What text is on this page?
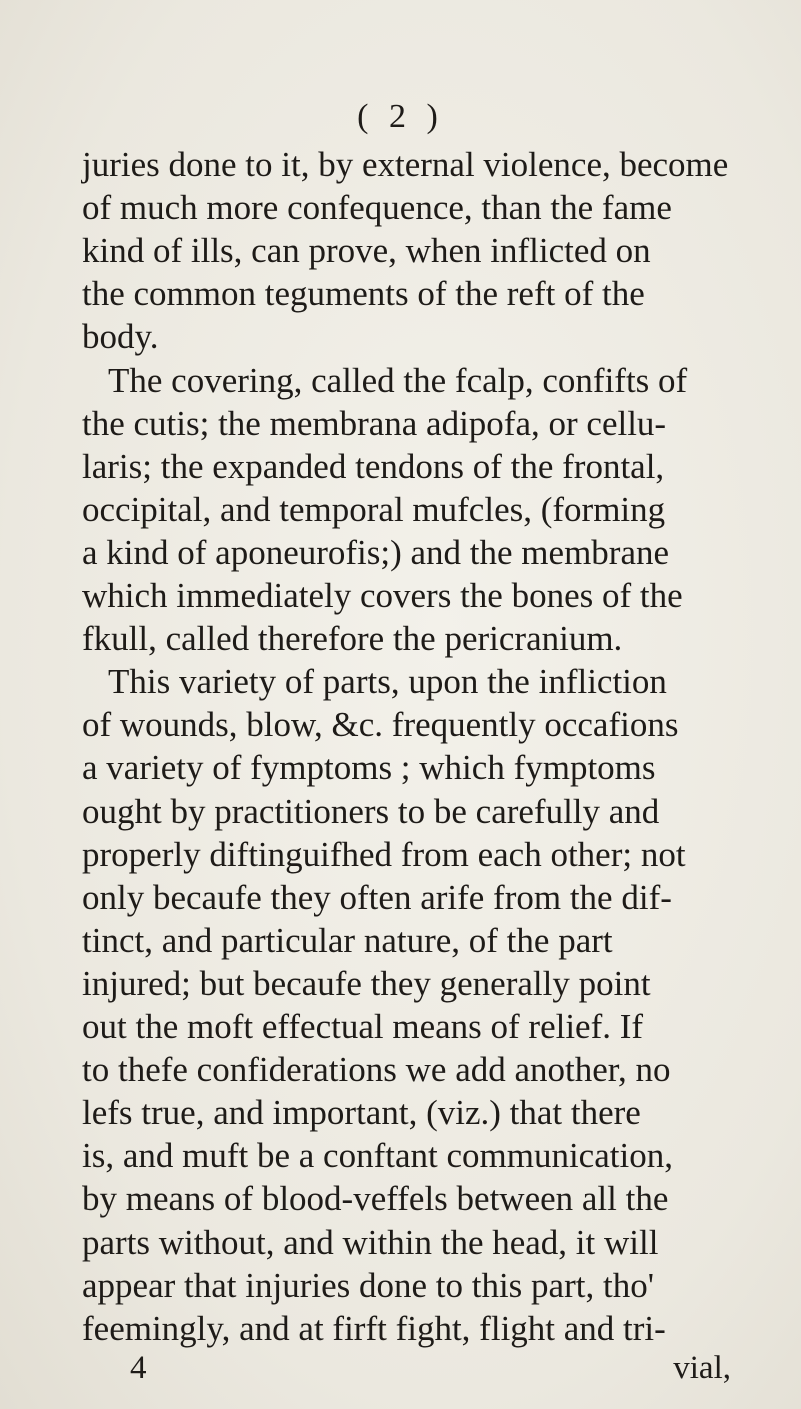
( 2 )
juries done to it, by external violence, become
of much more confequence, than the fame
kind of ills, can prove, when inflicted on
the common teguments of the reft of the
body.
The covering, called the fcalp, confifts of
the cutis; the membrana adipofa, or cellu-
laris; the expanded tendons of the frontal,
occipital, and temporal mufcles, (forming
a kind of aponeurofis;) and the membrane
which immediately covers the bones of the
fkull, called therefore the pericranium.
This variety of parts, upon the infliction
of wounds, blow, &c. frequently occafions
a variety of fymptoms ; which fymptoms
ought by practitioners to be carefully and
properly diftinguifhed from each other; not
only becaufe they often arife from the dif-
tinct, and particular nature, of the part
injured; but becaufe they generally point
out the moft effectual means of relief. If
to thefe confiderations we add another, no
lefs true, and important, (viz.) that there
is, and muft be a conftant communication,
by means of blood-veffels between all the
parts without, and within the head, it will
appear that injuries done to this part, tho'
feemingly, and at firft fight, flight and tri-
4	vial,
